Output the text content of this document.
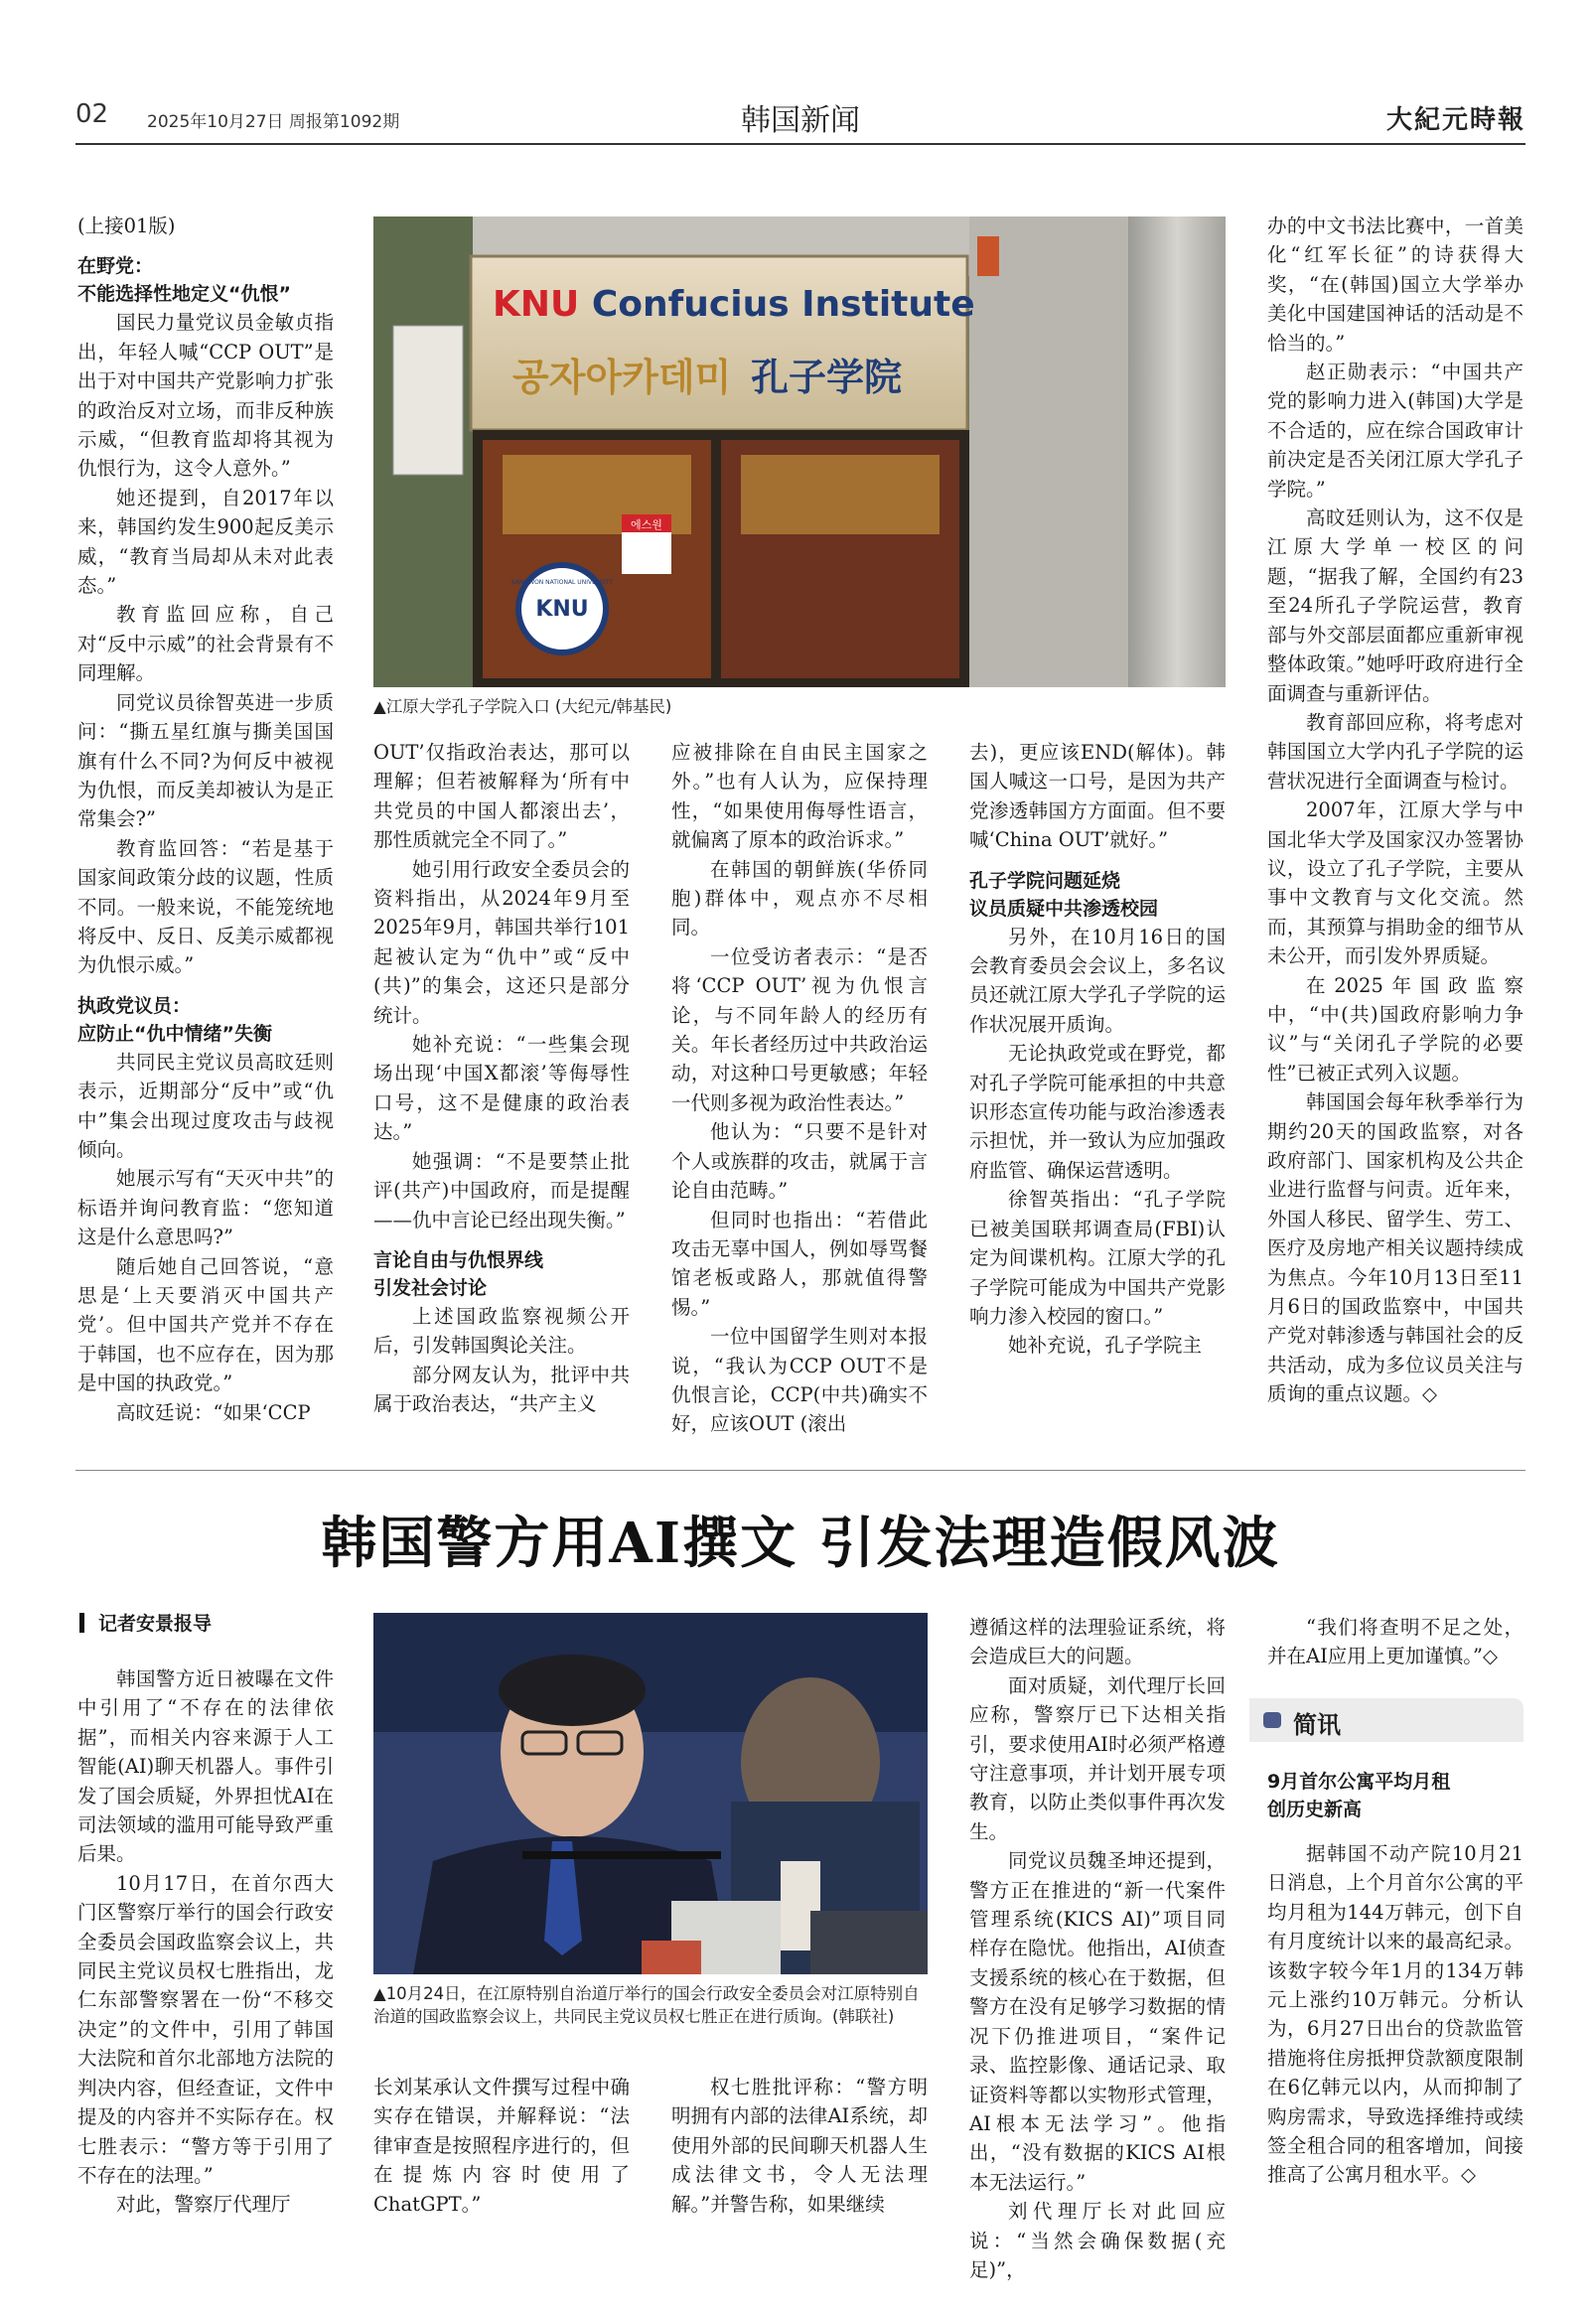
02 2025年10月27日 周报第1092期	韩国新闻	大紀元時報

(上接01版)

在野党：

不能选择性地定义“仇恨”

国民力量党议员金敏贞指出，年轻人喊“CCP OUT”是出于对中国共产党影响力扩张的政治反对立场，而非反种族示威，“但教育监却将其视为仇恨行为，这令人意外。”

她还提到，自2017年以来，韩国约发生900起反美示威，“教育当局却从未对此表态。”

教育监回应称，自己对“反中示威”的社会背景有不同理解。

同党议员徐智英进一步质问：“撕五星红旗与撕美国国旗有什么不同?为何反中被视为仇恨，而反美却被认为是正常集会?”

教育监回答：“若是基于国家间政策分歧的议题，性质不同。一般来说，不能笼统地将反中、反日、反美示威都视为仇恨示威。”

执政党议员：

应防止“仇中情绪”失衡

共同民主党议员高旼廷则表示，近期部分“反中”或“仇中”集会出现过度攻击与歧视倾向。

她展示写有“天灭中共”的标语并询问教育监：“您知道这是什么意思吗?”

随后她自己回答说，“意思是‘上天要消灭中国共产党’。但中国共产党并不存在于韩国，也不应存在，因为那是中国的执政党。”

高旼廷说：“如果‘CCP

에스원
KNU
KANGWON NATIONAL UNIVERSITY
KNU Confucius Institute
공자아카데미 孔子学院
▲江原大学孔子学院入口 (大纪元/韩基民)

OUT’仅指政治表达，那可以理解；但若被解释为‘所有中共党员的中国人都滚出去’，那性质就完全不同了。”

她引用行政安全委员会的资料指出，从2024年9月至2025年9月，韩国共举行101起被认定为“仇中”或“反中(共)”的集会，这还只是部分统计。

她补充说：“一些集会现场出现‘中国X都滚’等侮辱性口号，这不是健康的政治表达。”

她强调：“不是要禁止批评(共产)中国政府，而是提醒——仇中言论已经出现失衡。”

言论自由与仇恨界线

引发社会讨论

上述国政监察视频公开后，引发韩国舆论关注。

部分网友认为，批评中共属于政治表达，“共产主义

应被排除在自由民主国家之外。”也有人认为，应保持理性，“如果使用侮辱性语言，就偏离了原本的政治诉求。”

在韩国的朝鲜族(华侨同胞)群体中，观点亦不尽相同。

一位受访者表示：“是否将‘CCP OUT’视为仇恨言论，与不同年龄人的经历有关。年长者经历过中共政治运动，对这种口号更敏感；年轻一代则多视为政治性表达。”

他认为：“只要不是针对个人或族群的攻击，就属于言论自由范畴。”

但同时也指出：“若借此攻击无辜中国人，例如辱骂餐馆老板或路人，那就值得警惕。”

一位中国留学生则对本报说，“我认为CCP OUT不是仇恨言论，CCP(中共)确实不好，应该OUT (滚出

去)，更应该END(解体)。韩国人喊这一口号，是因为共产党渗透韩国方方面面。但不要喊‘China OUT’就好。”

孔子学院问题延烧

议员质疑中共渗透校园

另外，在10月16日的国会教育委员会会议上，多名议员还就江原大学孔子学院的运作状况展开质询。

无论执政党或在野党，都对孔子学院可能承担的中共意识形态宣传功能与政治渗透表示担忧，并一致认为应加强政府监管、确保运营透明。

徐智英指出：“孔子学院已被美国联邦调查局(FBI)认定为间谍机构。江原大学的孔子学院可能成为中国共产党影响力渗入校园的窗口。”

她补充说，孔子学院主

办的中文书法比赛中，一首美化“红军长征”的诗获得大奖，“在(韩国)国立大学举办美化中国建国神话的活动是不恰当的。”

赵正勋表示：“中国共产党的影响力进入(韩国)大学是不合适的，应在综合国政审计前决定是否关闭江原大学孔子学院。”

高旼廷则认为，这不仅是江原大学单一校区的问题，“据我了解，全国约有23至24所孔子学院运营，教育部与外交部层面都应重新审视整体政策。”她呼吁政府进行全面调查与重新评估。

教育部回应称，将考虑对韩国国立大学内孔子学院的运营状况进行全面调查与检讨。

2007年，江原大学与中国北华大学及国家汉办签署协议，设立了孔子学院，主要从事中文教育与文化交流。然而，其预算与捐助金的细节从未公开，而引发外界质疑。

在2025年国政监察中，“中(共)国政府影响力争议”与“关闭孔子学院的必要性”已被正式列入议题。

韩国国会每年秋季举行为期约20天的国政监察，对各政府部门、国家机构及公共企业进行监督与问责。近年来，外国人移民、留学生、劳工、医疗及房地产相关议题持续成为焦点。今年10月13日至11月6日的国政监察中，中国共产党对韩渗透与韩国社会的反共活动，成为多位议员关注与质询的重点议题。◇

韩国警方用AI撰文 引发法理造假风波
记者安景报导

韩国警方近日被曝在文件中引用了“不存在的法律依据”，而相关内容来源于人工智能(AI)聊天机器人。事件引发了国会质疑，外界担忧AI在司法领域的滥用可能导致严重后果。

10月17日，在首尔西大门区警察厅举行的国会行政安全委员会国政监察会议上，共同民主党议员权七胜指出，龙仁东部警察署在一份“不移交决定”的文件中，引用了韩国大法院和首尔北部地方法院的判决内容，但经查证，文件中提及的内容并不实际存在。权七胜表示：“警方等于引用了不存在的法理。”

对此，警察厅代理厅

▲10月24日，在江原特别自治道厅举行的国会行政安全委员会对江原特别自治道的国政监察会议上，共同民主党议员权七胜正在进行质询。(韩联社)

长刘某承认文件撰写过程中确实存在错误，并解释说：“法律审查是按照程序进行的，但在提炼内容时使用了ChatGPT。”

权七胜批评称：“警方明明拥有内部的法律AI系统，却使用外部的民间聊天机器人生成法律文书，令人无法理解。”并警告称，如果继续

遵循这样的法理验证系统，将会造成巨大的问题。

面对质疑，刘代理厅长回应称，警察厅已下达相关指引，要求使用AI时必须严格遵守注意事项，并计划开展专项教育，以防止类似事件再次发生。

同党议员魏圣坤还提到，警方正在推进的“新一代案件管理系统(KICS AI)”项目同样存在隐忧。他指出，AI侦查支援系统的核心在于数据，但警方在没有足够学习数据的情况下仍推进项目，“案件记录、监控影像、通话记录、取证资料等都以实物形式管理，AI根本无法学习”。他指出，“没有数据的KICS AI根本无法运行。”

刘代理厅长对此回应说：“当然会确保数据(充足)”，

“我们将查明不足之处，并在AI应用上更加谨慎。”◇

简讯

9月首尔公寓平均月租

创历史新高

据韩国不动产院10月21日消息，上个月首尔公寓的平均月租为144万韩元，创下自有月度统计以来的最高纪录。该数字较今年1月的134万韩元上涨约10万韩元。分析认为，6月27日出台的贷款监管措施将住房抵押贷款额度限制在6亿韩元以内，从而抑制了购房需求，导致选择维持或续签全租合同的租客增加，间接推高了公寓月租水平。◇
